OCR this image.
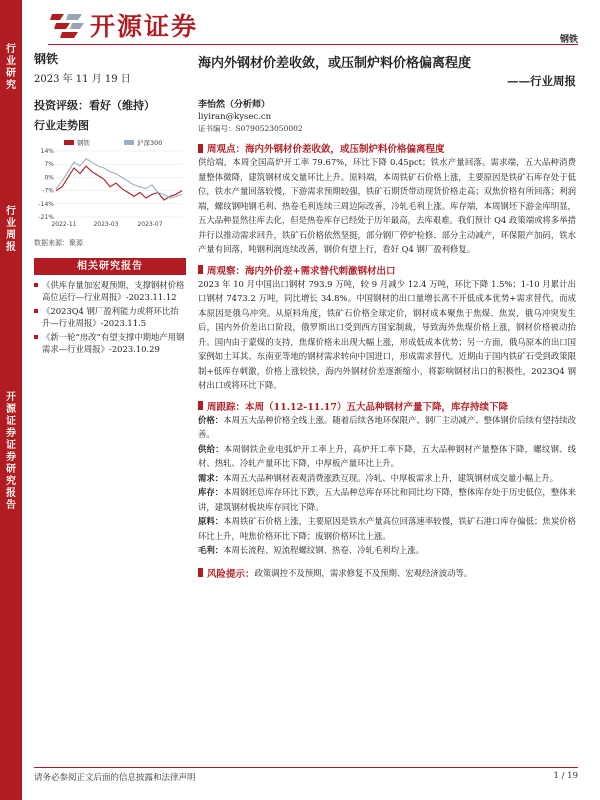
行业研究
行业周报
开源证券 证券研究报告
开源证券	钢铁
钢铁
2023 年 11 月 19 日
投资评级：看好（维持）
行业走势图
钢铁	沪深300
14%
7%
0%
-7%
-14%
-21%
2022-11	2023-03	2023-07
数据来源：聚源
相关研究报告
《供库存量加宏观预期，支撑钢材价格高位运行—行业周报》-2023.11.12
《2023Q4 钢厂盈利能力或将环比抬升—行业周报》-2023.11.5
《新一轮“房改”有望支撑中期地产用钢需求—行业周报》-2023.10.29
海内外钢材价差收敛，或压制炉料价格偏离程度
——行业周报
李怡然（分析师）
liyiran@kysec.cn
证书编号：S0790523050002
周观点：海内外钢材价差收敛，或压制炉料价格偏离程度
供给端，本周全国高炉开工率 79.67%，环比下降 0.45pct；铁水产量回落。需求端，五大品种消费量整体微降，建筑钢材成交量环比上升。原料端，本周铁矿石价格上涨，主要原因是铁矿石库存处于低位，铁水产量回落较慢，下游需求预期较强，铁矿石期货带动现货价格走高；双焦价格有所回落；利润端，螺纹钢吨钢毛利、热卷毛利连续三周边际改善，冷轧毛利上涨。库存端，本周钢坯下游金库明显，五大品种显然往库去化，但是热卷库存已经处于历年最高，去库艰难。我们预计 Q4 政策端或将多举措并行以推动需求回升，铁矿石价格依然坚挺，部分钢厂停炉检修、部分主动减产，环保限产加码，铁水产量有回落，吨钢利润连续改善，钢价有望上行，看好 Q4 钢厂盈利修复。
周观察：海内外价差+需求替代刺激钢材出口
2023 年 10 月中国出口钢材 793.9 万吨，较 9 月减少 12.4 万吨，环比下降 1.5%；1-10 月累计出口钢材 7473.2 万吨，同比增长 34.8%。中国钢材的出口量增长离不开低成本优势+需求替代，而成本原因是俄乌冲突。从原料角度，铁矿石价格全球定价，钢材成本聚焦于焦煤、焦炭，俄乌冲突发生后，国内外价差出口阶段，俄罗斯出口受到西方国家制裁，导致海外焦煤价格上涨，钢材价格被动抬升。国内由于蒙煤的支持，焦煤价格未出现大幅上涨，形成低成本优势；另一方面，俄乌原本的出口国家例如土耳其、东南亚等地的钢材需求转向中国进口，形成需求替代。近期由于国内铁矿石受到政策限制+低库存刺激，价格上涨较快，海内外钢材价差逐渐缩小，将影响钢材出口的积极性，2023Q4 钢材出口或将环比下降。
周跟踪：本周（11.12-11.17）五大品种钢材产量下降，库存持续下降
价格：本周五大品种价格全线上涨。随着后续各地环保限产、钢厂主动减产、整体钢价后续有望持续改善。
供给：本周钢铁企业电弧炉开工率上升，高炉开工率下降，五大品种钢材产量整体下降，螺纹钢、线材、热轧、冷轧产量环比下降，中厚板产量环比上升。
需求：本周五大品种钢材表观消费涨跌互现。冷轧、中厚板需求上升，建筑钢材成交量小幅上升。
库存：本周钢坯总库存环比下跌，五大品种总库存环比和同比均下降，整体库存处于历史低位，整体来讲，建筑钢材板块库存同比下降。
原料：本周铁矿石价格上涨，主要原因是铁水产量高位回落速率较慢，铁矿石港口库存偏低；焦炭价格环比上升，吨焦价格环比下降；废钢价格环比上涨。
毛利：本周长流程、短流程螺纹钢、热卷、冷轧毛利均上涨。
风险提示： 政策调控不及预期，需求修复不及预期、宏观经济波动等。
请务必参阅正文后面的信息披露和法律声明	1 / 19
